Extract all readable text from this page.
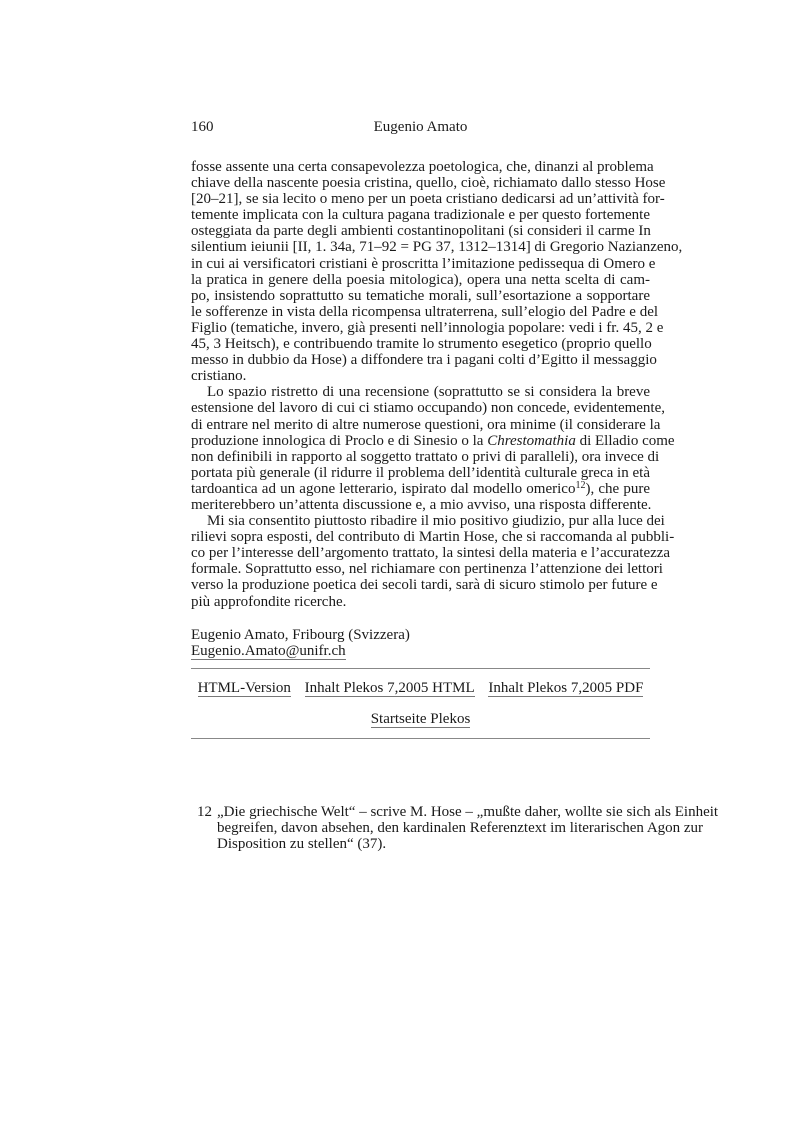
160	Eugenio Amato
fosse assente una certa consapevolezza poetologica, che, dinanzi al problema
chiave della nascente poesia cristina, quello, cioè, richiamato dallo stesso Hose
[20–21], se sia lecito o meno per un poeta cristiano dedicarsi ad un’attività for-
temente implicata con la cultura pagana tradizionale e per questo fortemente
osteggiata da parte degli ambienti costantinopolitani (si consideri il carme In
silentium ieiunii [II, 1. 34a, 71–92 = PG 37, 1312–1314] di Gregorio Nazianzeno,
in cui ai versificatori cristiani è proscritta l’imitazione pedissequa di Omero e
la pratica in genere della poesia mitologica), opera una netta scelta di cam-
po, insistendo soprattutto su tematiche morali, sull’esortazione a sopportare
le sofferenze in vista della ricompensa ultraterrena, sull’elogio del Padre e del
Figlio (tematiche, invero, già presenti nell’innologia popolare: vedi i fr. 45, 2 e
45, 3 Heitsch), e contribuendo tramite lo strumento esegetico (proprio quello
messo in dubbio da Hose) a diffondere tra i pagani colti d’Egitto il messaggio
cristiano.
Lo spazio ristretto di una recensione (soprattutto se si considera la breve
estensione del lavoro di cui ci stiamo occupando) non concede, evidentemente,
di entrare nel merito di altre numerose questioni, ora minime (il considerare la
produzione innologica di Proclo e di Sinesio o la Chrestomathia di Elladio come
non definibili in rapporto al soggetto trattato o privi di paralleli), ora invece di
portata più generale (il ridurre il problema dell’identità culturale greca in età
tardoantica ad un agone letterario, ispirato dal modello omerico$^{12}$), che pure
meriterebbero un’attenta discussione e, a mio avviso, una risposta differente.
Mi sia consentito piuttosto ribadire il mio positivo giudizio, pur alla luce dei
rilievi sopra esposti, del contributo di Martin Hose, che si raccomanda al pubbli-
co per l’interesse dell’argomento trattato, la sintesi della materia e l’accuratezza
formale. Soprattutto esso, nel richiamare con pertinenza l’attenzione dei lettori
verso la produzione poetica dei secoli tardi, sarà di sicuro stimolo per future e
più approfondite ricerche.
Eugenio Amato, Fribourg (Svizzera)
Eugenio.Amato@unifr.ch
HTML-Version Inhalt Plekos 7,2005 HTML Inhalt Plekos 7,2005 PDF
Startseite Plekos
12 „Die griechische Welt“ – scrive M. Hose – „mußte daher, wollte sie sich als Einheit
begreifen, davon absehen, den kardinalen Referenztext im literarischen Agon zur
Disposition zu stellen“ (37).
